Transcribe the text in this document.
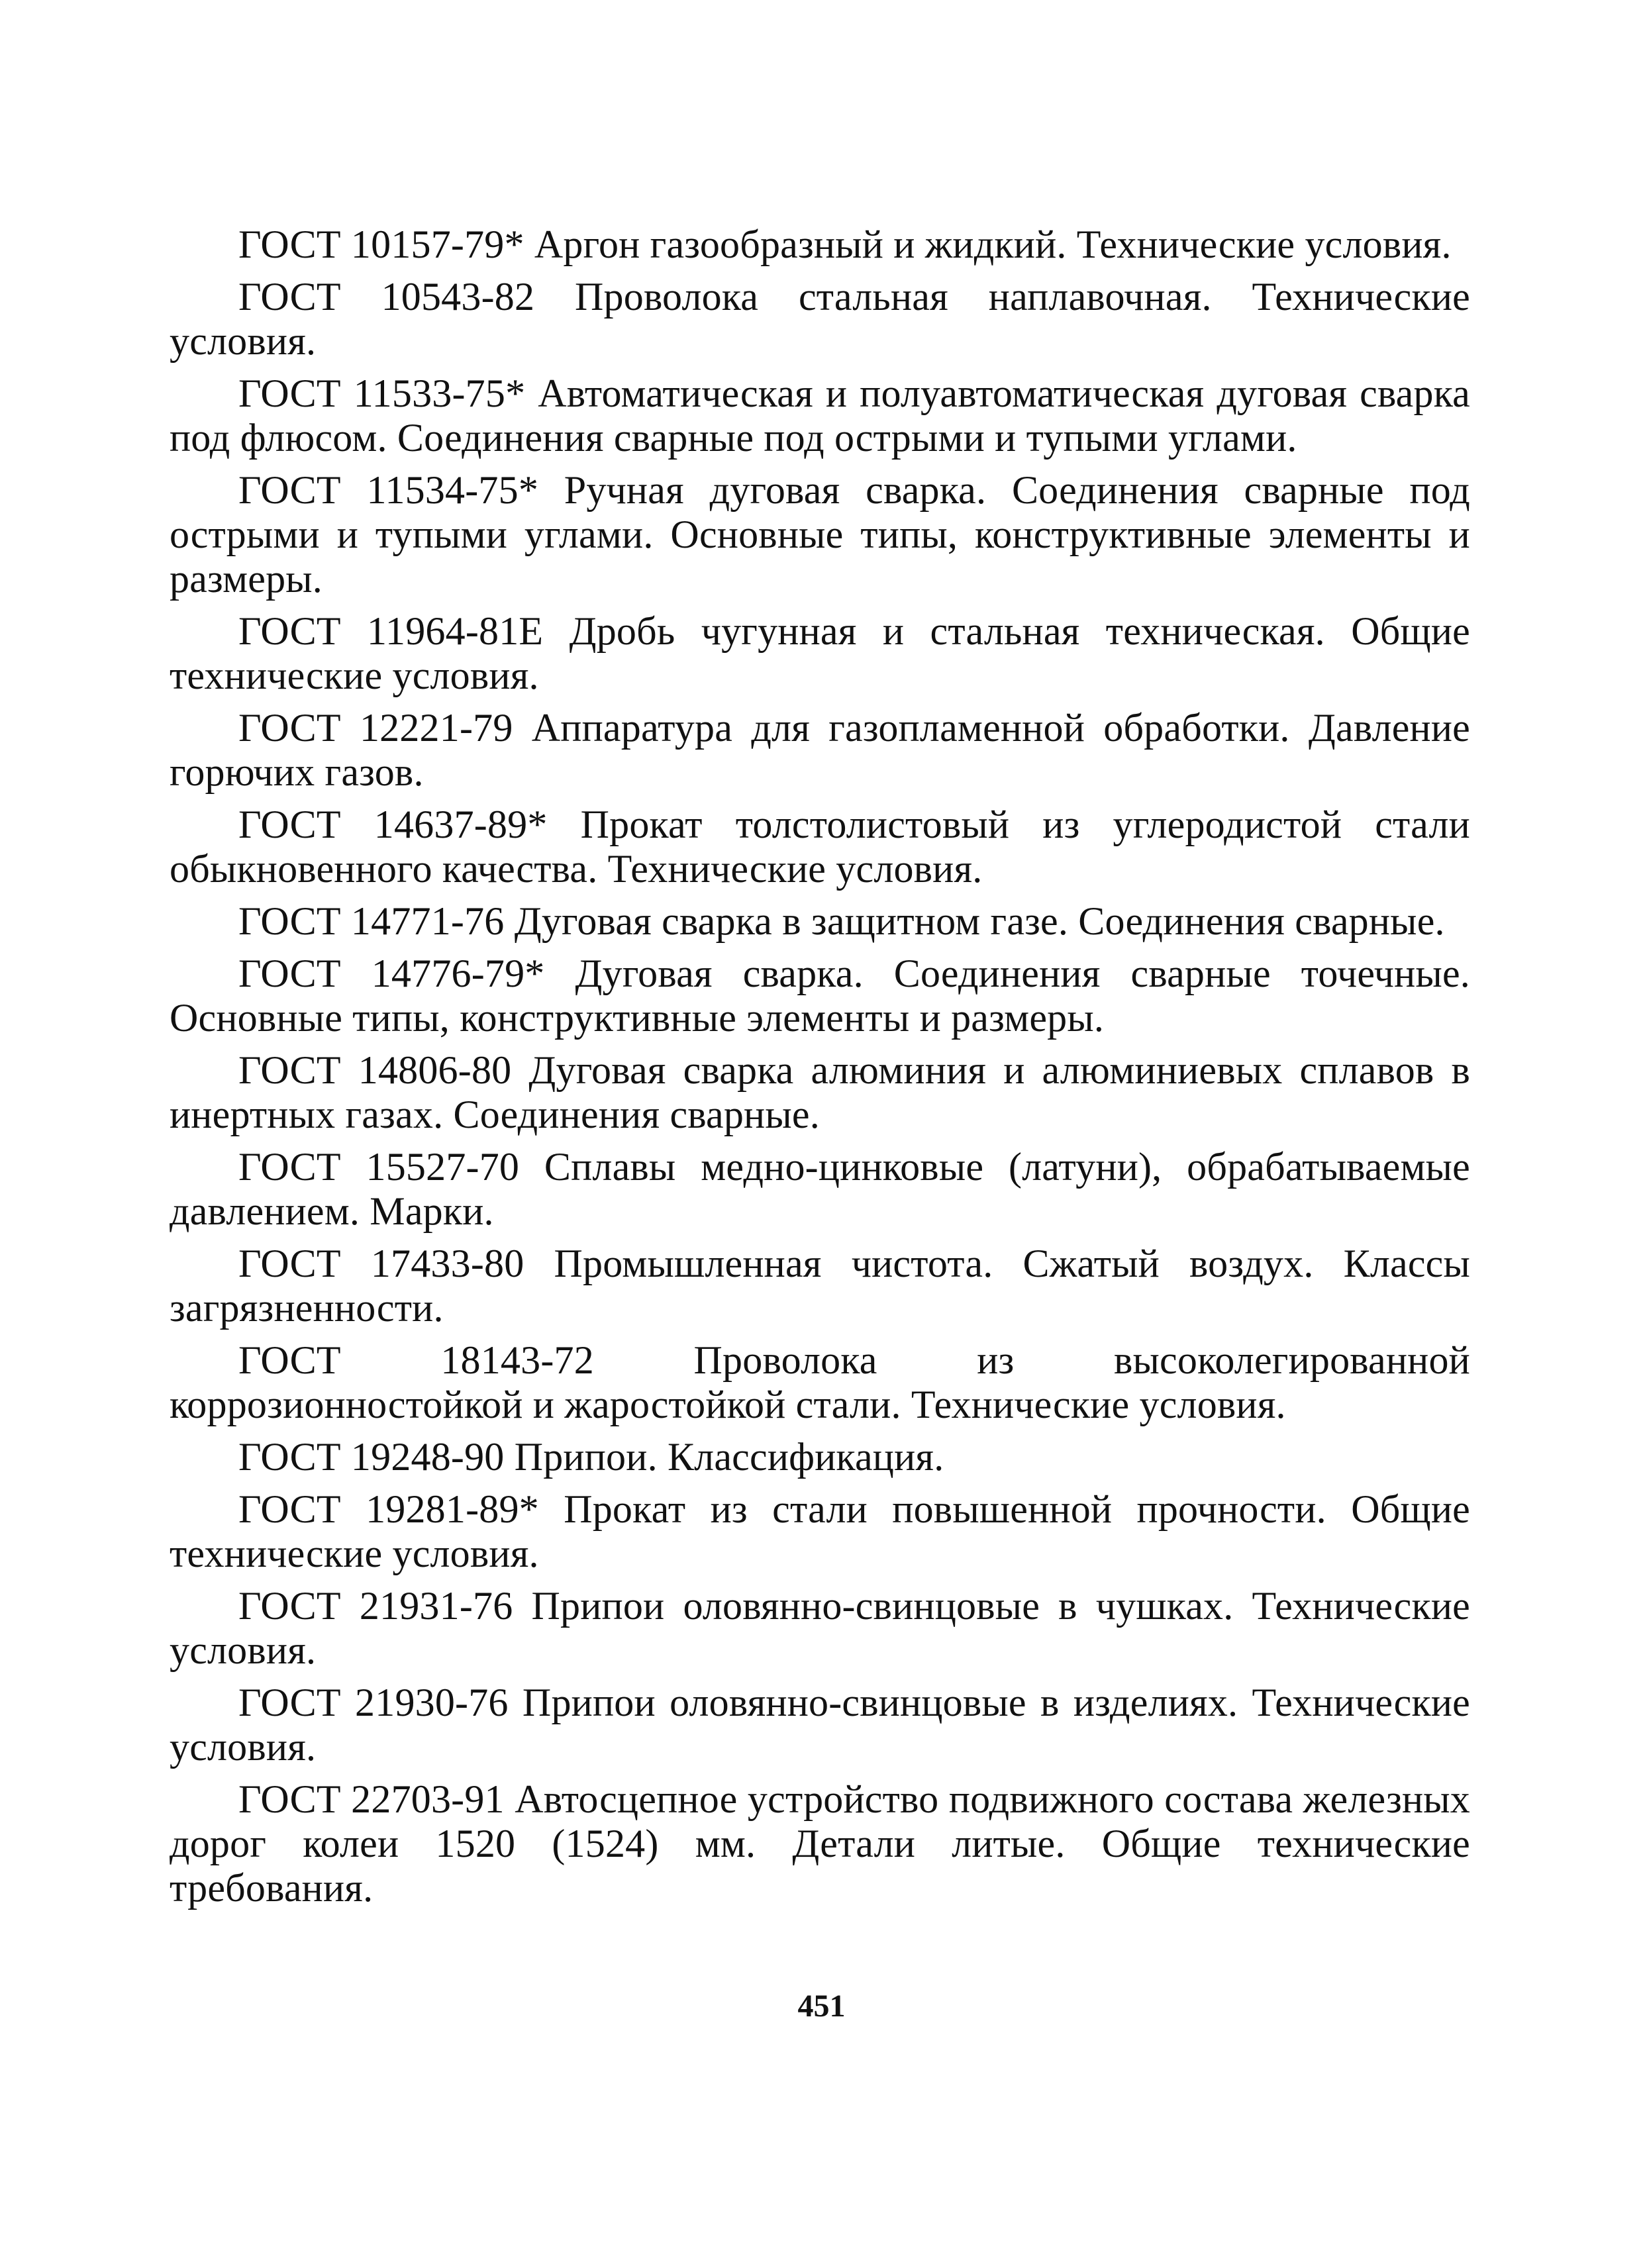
ГОСТ 10157-79* Аргон газообразный и жидкий. Технические условия.

ГОСТ 10543-82 Проволока стальная наплавочная. Технические условия.

ГОСТ 11533-75* Автоматическая и полуавтоматическая дуговая сварка под флюсом. Соединения сварные под острыми и тупыми углами.

ГОСТ 11534-75* Ручная дуговая сварка. Соединения сварные под острыми и тупыми углами. Основные типы, конструктивные элементы и размеры.

ГОСТ 11964-81Е Дробь чугунная и стальная техническая. Общие технические условия.

ГОСТ 12221-79 Аппаратура для газопламенной обработки. Давление горючих газов.

ГОСТ 14637-89* Прокат толстолистовый из углеродистой стали обыкновенного качества. Технические условия.

ГОСТ 14771-76 Дуговая сварка в защитном газе. Соединения сварные.

ГОСТ 14776-79* Дуговая сварка. Соединения сварные точечные. Основные типы, конструктивные элементы и размеры.

ГОСТ 14806-80 Дуговая сварка алюминия и алюминиевых сплавов в инертных газах. Соединения сварные.

ГОСТ 15527-70 Сплавы медно-цинковые (латуни), обрабатываемые давлением. Марки.

ГОСТ 17433-80 Промышленная чистота. Сжатый воздух. Классы загрязненности.

ГОСТ 18143-72 Проволока из высоколегированной коррозионностойкой и жаростойкой стали. Технические условия.

ГОСТ 19248-90 Припои. Классификация.

ГОСТ 19281-89* Прокат из стали повышенной прочности. Общие технические условия.

ГОСТ 21931-76 Припои оловянно-свинцовые в чушках. Технические условия.

ГОСТ 21930-76 Припои оловянно-свинцовые в изделиях. Технические условия.

ГОСТ 22703-91 Автосцепное устройство подвижного состава железных дорог колеи 1520 (1524) мм. Детали литые. Общие технические требования.

451
